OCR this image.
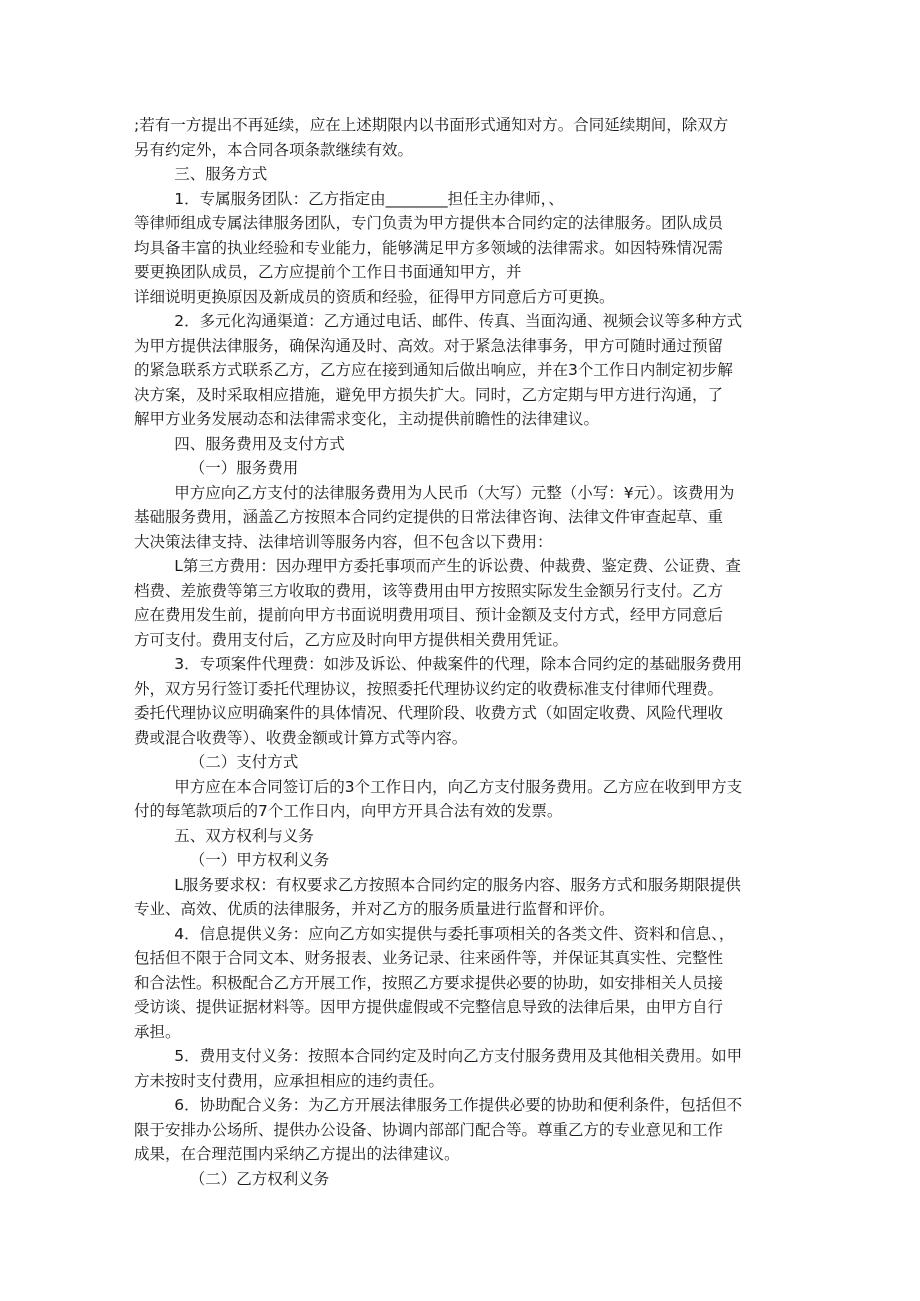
;若有一方提出不再延续，应在上述期限内以书面形式通知对方。合同延续期间，除双方
另有约定外，本合同各项条款继续有效。
三、服务方式
1．专属服务团队：乙方指定由________担任主办律师，、
等律师组成专属法律服务团队，专门负责为甲方提供本合同约定的法律服务。团队成员
均具备丰富的执业经验和专业能力，能够满足甲方多领域的法律需求。如因特殊情况需
要更换团队成员，乙方应提前个工作日书面通知甲方，并
详细说明更换原因及新成员的资质和经验，征得甲方同意后方可更换。
2．多元化沟通渠道：乙方通过电话、邮件、传真、当面沟通、视频会议等多种方式
为甲方提供法律服务，确保沟通及时、高效。对于紧急法律事务，甲方可随时通过预留
的紧急联系方式联系乙方，乙方应在接到通知后做出响应，并在3个工作日内制定初步解
决方案，及时采取相应措施，避免甲方损失扩大。同时，乙方定期与甲方进行沟通，了
解甲方业务发展动态和法律需求变化，主动提供前瞻性的法律建议。
四、服务费用及支付方式
（一）服务费用
甲方应向乙方支付的法律服务费用为人民币（大写）元整（小写：¥元）。该费用为
基础服务费用，涵盖乙方按照本合同约定提供的日常法律咨询、法律文件审查起草、重
大决策法律支持、法律培训等服务内容，但不包含以下费用：
L第三方费用：因办理甲方委托事项而产生的诉讼费、仲裁费、鉴定费、公证费、查
档费、差旅费等第三方收取的费用，该等费用由甲方按照实际发生金额另行支付。乙方
应在费用发生前，提前向甲方书面说明费用项目、预计金额及支付方式，经甲方同意后
方可支付。费用支付后，乙方应及时向甲方提供相关费用凭证。
3．专项案件代理费：如涉及诉讼、仲裁案件的代理，除本合同约定的基础服务费用
外，双方另行签订委托代理协议，按照委托代理协议约定的收费标准支付律师代理费。
委托代理协议应明确案件的具体情况、代理阶段、收费方式（如固定收费、风险代理收
费或混合收费等）、收费金额或计算方式等内容。
（二）支付方式
甲方应在本合同签订后的3个工作日内，向乙方支付服务费用。乙方应在收到甲方支
付的每笔款项后的7个工作日内，向甲方开具合法有效的发票。
五、双方权利与义务
（一）甲方权利义务
L服务要求权：有权要求乙方按照本合同约定的服务内容、服务方式和服务期限提供
专业、高效、优质的法律服务，并对乙方的服务质量进行监督和评价。
4．信息提供义务：应向乙方如实提供与委托事项相关的各类文件、资料和信息、，
包括但不限于合同文本、财务报表、业务记录、往来函件等，并保证其真实性、完整性
和合法性。积极配合乙方开展工作，按照乙方要求提供必要的协助，如安排相关人员接
受访谈、提供证据材料等。因甲方提供虚假或不完整信息导致的法律后果，由甲方自行
承担。
5．费用支付义务：按照本合同约定及时向乙方支付服务费用及其他相关费用。如甲
方未按时支付费用，应承担相应的违约责任。
6．协助配合义务：为乙方开展法律服务工作提供必要的协助和便利条件，包括但不
限于安排办公场所、提供办公设备、协调内部部门配合等。尊重乙方的专业意见和工作
成果，在合理范围内采纳乙方提出的法律建议。
（二）乙方权利义务
